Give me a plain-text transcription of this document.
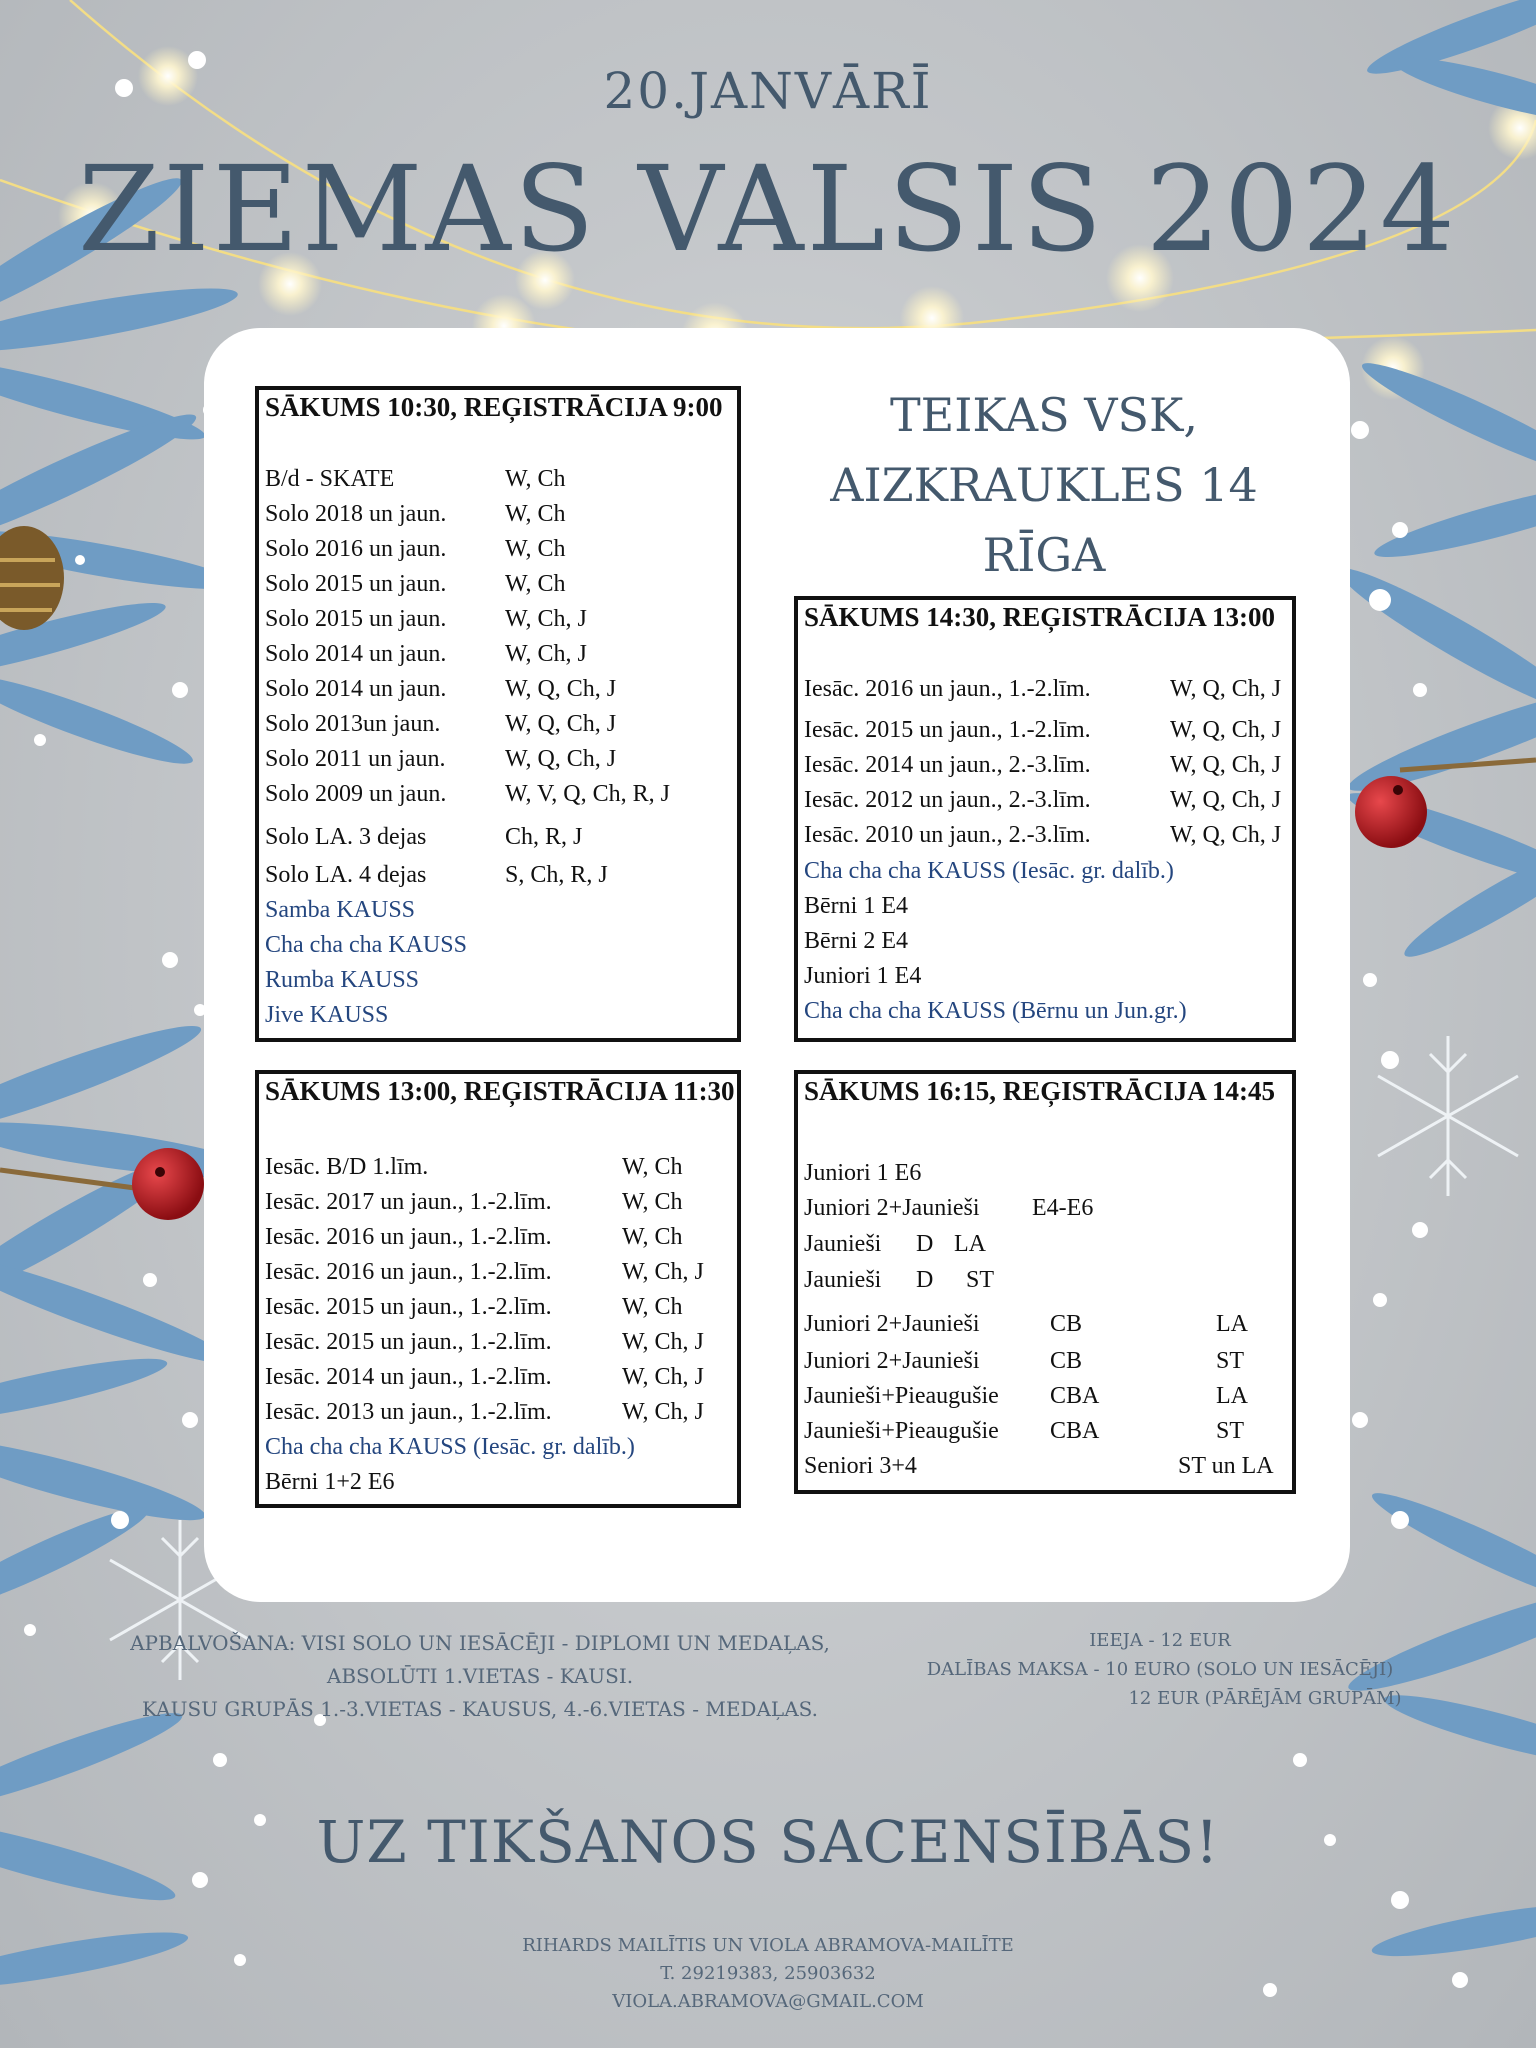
20.JANVĀRĪ
ZIEMAS VALSIS 2024
TEIKAS VSK,
AIZKRAUKLES 14
RĪGA
SĀKUMS 10:30, REĢISTRĀCIJA 9:00
B/d - SKATE	W, Ch
Solo 2018 un jaun. W, Ch
Solo 2016 un jaun. W, Ch
Solo 2015 un jaun. W, Ch
Solo 2015 un jaun. W, Ch, J
Solo 2014 un jaun. W, Ch, J
Solo 2014 un jaun. W, Q, Ch, J
Solo 2013un jaun.	W, Q, Ch, J
Solo 2011 un jaun. W, Q, Ch, J
Solo 2009 un jaun. W, V, Q, Ch, R, J
Solo LA. 3 dejas	Ch, R, J
Solo LA. 4 dejas	S, Ch, R, J
Samba KAUSS
Cha cha cha KAUSS
Rumba KAUSS
Jive KAUSS
SĀKUMS 14:30, REĢISTRĀCIJA 13:00
Iesāc. 2016 un jaun., 1.-2.līm.	W, Q, Ch, J
Iesāc. 2015 un jaun., 1.-2.līm.	W, Q, Ch, J
Iesāc. 2014 un jaun., 2.-3.līm.	W, Q, Ch, J
Iesāc. 2012 un jaun., 2.-3.līm.	W, Q, Ch, J
Iesāc. 2010 un jaun., 2.-3.līm.	W, Q, Ch, J
Cha cha cha KAUSS (Iesāc. gr. dalīb.)
Bērni 1 E4
Bērni 2 E4
Juniori 1 E4
Cha cha cha KAUSS (Bērnu un Jun.gr.)
SĀKUMS 13:00, REĢISTRĀCIJA 11:30
Iesāc. B/D 1.līm.	W, Ch
Iesāc. 2017 un jaun., 1.-2.līm.	W, Ch
Iesāc. 2016 un jaun., 1.-2.līm.	W, Ch
Iesāc. 2016 un jaun., 1.-2.līm.	W, Ch, J
Iesāc. 2015 un jaun., 1.-2.līm.	W, Ch
Iesāc. 2015 un jaun., 1.-2.līm.	W, Ch, J
Iesāc. 2014 un jaun., 1.-2.līm.	W, Ch, J
Iesāc. 2013 un jaun., 1.-2.līm.	W, Ch, J
Cha cha cha KAUSS (Iesāc. gr. dalīb.)
Bērni 1+2 E6
SĀKUMS 16:15, REĢISTRĀCIJA 14:45
Juniori 1 E6
Juniori 2+Jaunieši E4-E6
Jaunieši D LA
Jaunieši D ST
Juniori 2+Jaunieši	CB	LA
Juniori 2+Jaunieši	CB	ST
Jaunieši+Pieaugušie CBA	LA
Jaunieši+Pieaugušie CBA	ST
Seniori 3+4	ST un LA
APBALVOŠANA: VISI SOLO UN IESĀCĒJI - DIPLOMI UN MEDAĻAS,
ABSOLŪTI 1.VIETAS - KAUSI.
KAUSU GRUPĀS 1.-3.VIETAS - KAUSUS, 4.-6.VIETAS - MEDAĻAS.
IEEJA - 12 EUR
DALĪBAS MAKSA - 10 EURO (SOLO UN IESĀCĒJI)
12 EUR (PĀRĒJĀM GRUPĀM)
UZ TIKŠANOS SACENSĪBĀS!
RIHARDS MAILĪTIS UN VIOLA ABRAMOVA-MAILĪTE
T. 29219383, 25903632
VIOLA.ABRAMOVA@GMAIL.COM
